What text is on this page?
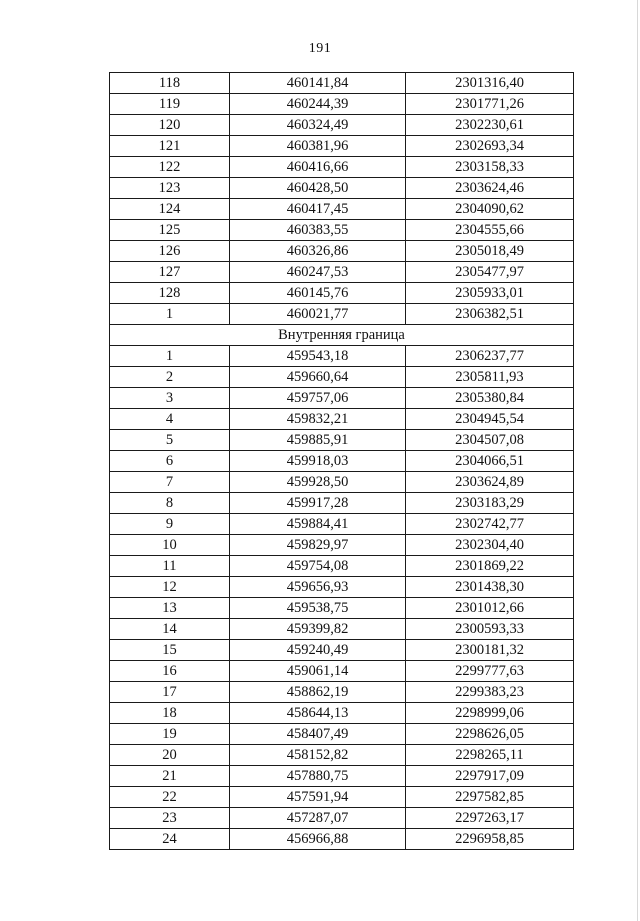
191
118	460141,84	2301316,40
119	460244,39	2301771,26
120	460324,49	2302230,61
121	460381,96	2302693,34
122	460416,66	2303158,33
123	460428,50	2303624,46
124	460417,45	2304090,62
125	460383,55	2304555,66
126	460326,86	2305018,49
127	460247,53	2305477,97
128	460145,76	2305933,01
1	460021,77	2306382,51
Внутренняя граница		
1	459543,18	2306237,77
2	459660,64	2305811,93
3	459757,06	2305380,84
4	459832,21	2304945,54
5	459885,91	2304507,08
6	459918,03	2304066,51
7	459928,50	2303624,89
8	459917,28	2303183,29
9	459884,41	2302742,77
10	459829,97	2302304,40
11	459754,08	2301869,22
12	459656,93	2301438,30
13	459538,75	2301012,66
14	459399,82	2300593,33
15	459240,49	2300181,32
16	459061,14	2299777,63
17	458862,19	2299383,23
18	458644,13	2298999,06
19	458407,49	2298626,05
20	458152,82	2298265,11
21	457880,75	2297917,09
22	457591,94	2297582,85
23	457287,07	2297263,17
24	456966,88	2296958,85
